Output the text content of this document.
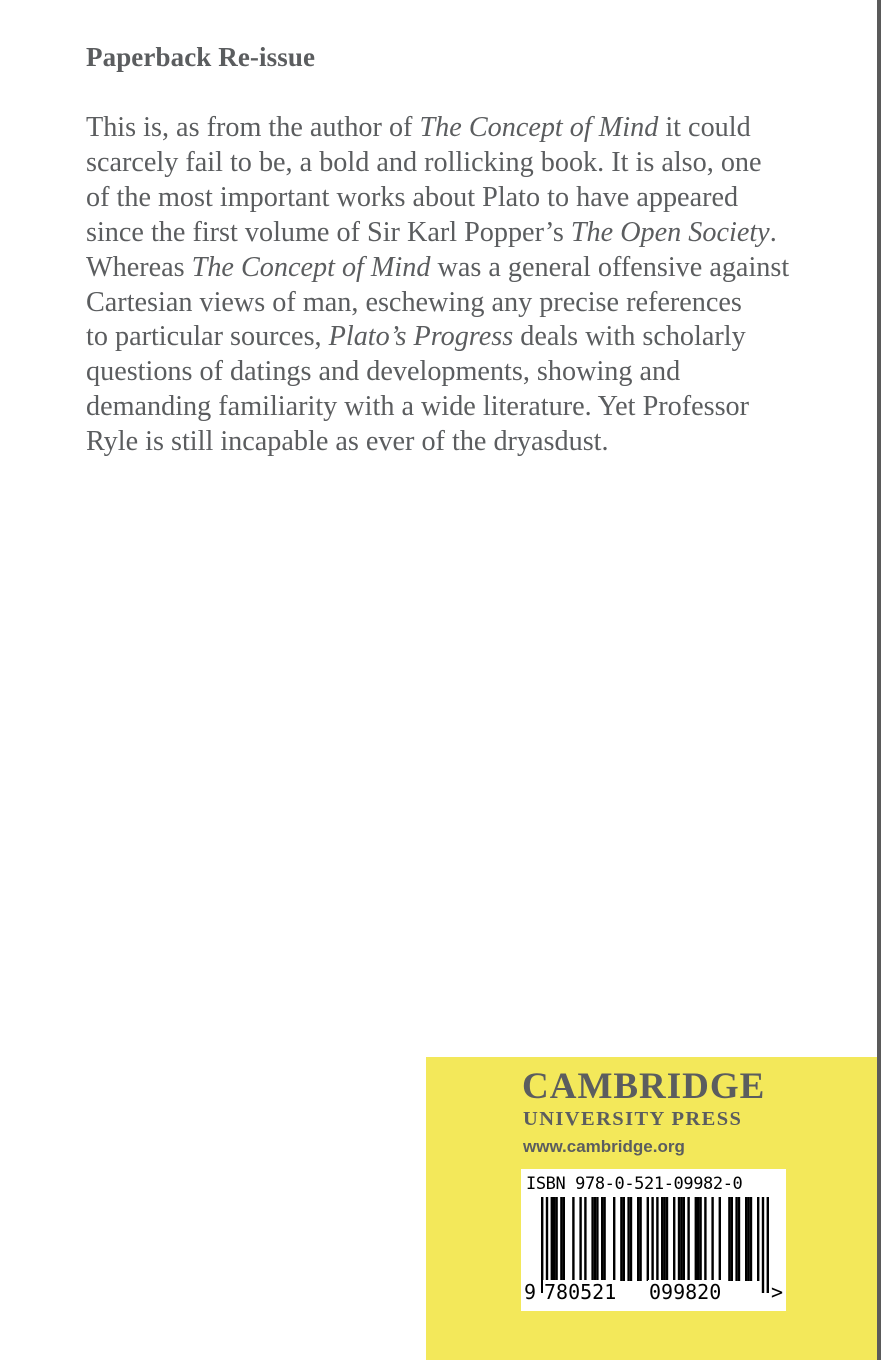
Paperback Re-issue
This is, as from the author of The Concept of Mind it could
scarcely fail to be, a bold and rollicking book. It is also, one
of the most important works about Plato to have appeared
since the first volume of Sir Karl Popper’s The Open Society.
Whereas The Concept of Mind was a general offensive against
Cartesian views of man, eschewing any precise references
to particular sources, Plato’s Progress deals with scholarly
questions of datings and developments, showing and
demanding familiarity with a wide literature. Yet Professor
Ryle is still incapable as ever of the dryasdust.
CAMBRIDGE
UNIVERSITY PRESS
www.cambridge.org
ISBN 978-0-521-09982-0
9 780521 099820 >
